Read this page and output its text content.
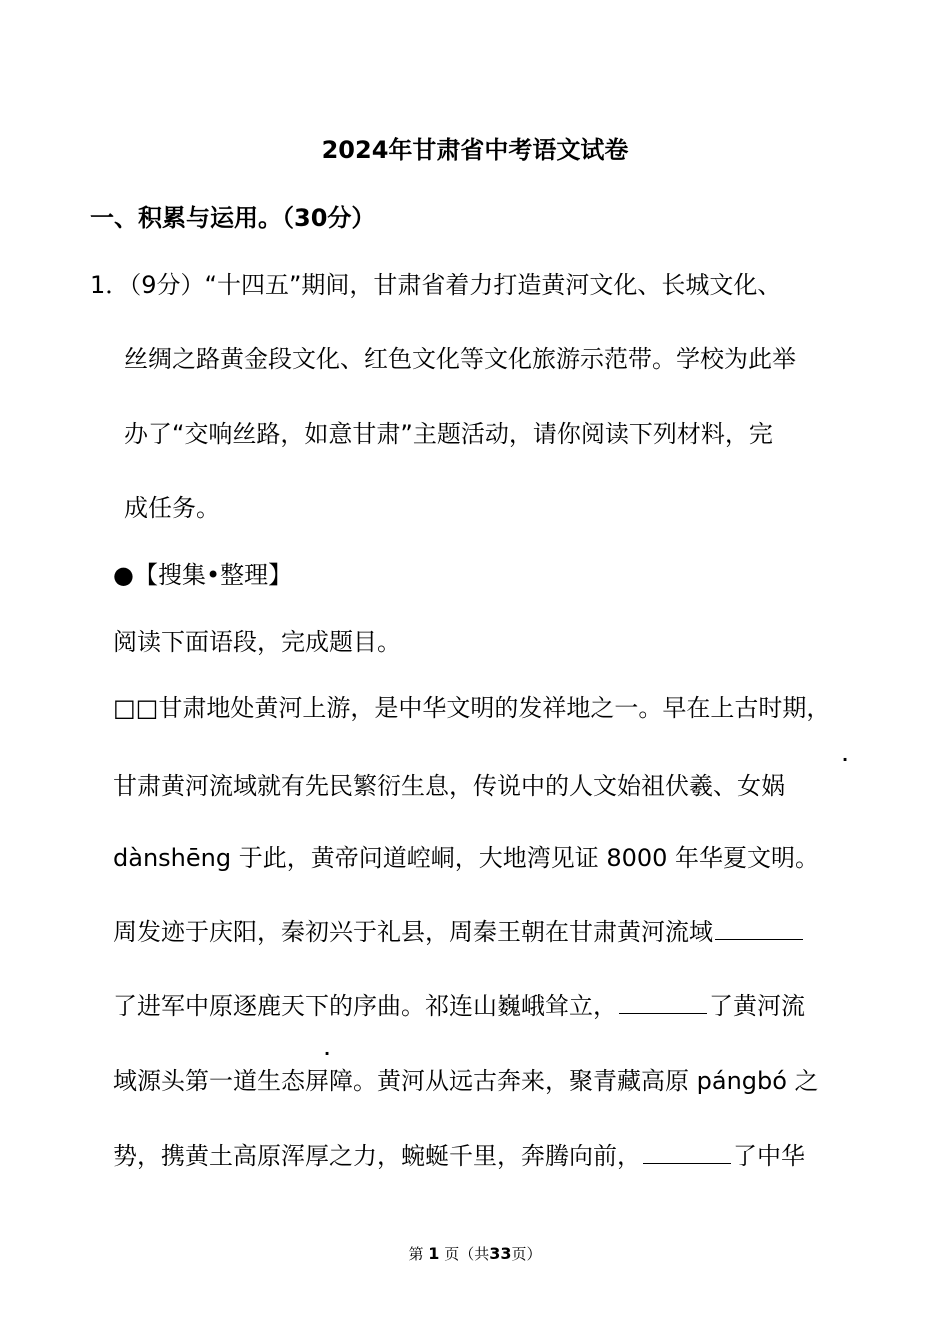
2024年甘肃省中考语文试卷
一、积累与运用。（30分）
1．（9分）“十四五”期间，甘肃省着力打造黄河文化、长城文化、
丝绸之路黄金段文化、红色文化等文化旅游示范带。学校为此举
办了“交响丝路，如意甘肃”主题活动，请你阅读下列材料，完
成任务。
●【搜集•整理】
阅读下面语段，完成题目。
□□甘肃地处黄河上游，是中华文明的发祥地之一。早在上古时期，
·
甘肃黄河流域就有先民繁衍生息，传说中的人文始祖伏羲、女娲
dànshēng 于此，黄帝问道崆峒，大地湾见证 8000 年华夏文明。
周发迹于庆阳，秦初兴于礼县，周秦王朝在甘肃黄河流域
了进军中原逐鹿天下的序曲。祁连山巍峨耸立，	了黄河流
·
域源头第一道生态屏障。黄河从远古奔来，聚青藏高原 pángbó 之
势，携黄土高原浑厚之力，蜿蜒千里，奔腾向前，	了中华
第 1 页（共33页）
